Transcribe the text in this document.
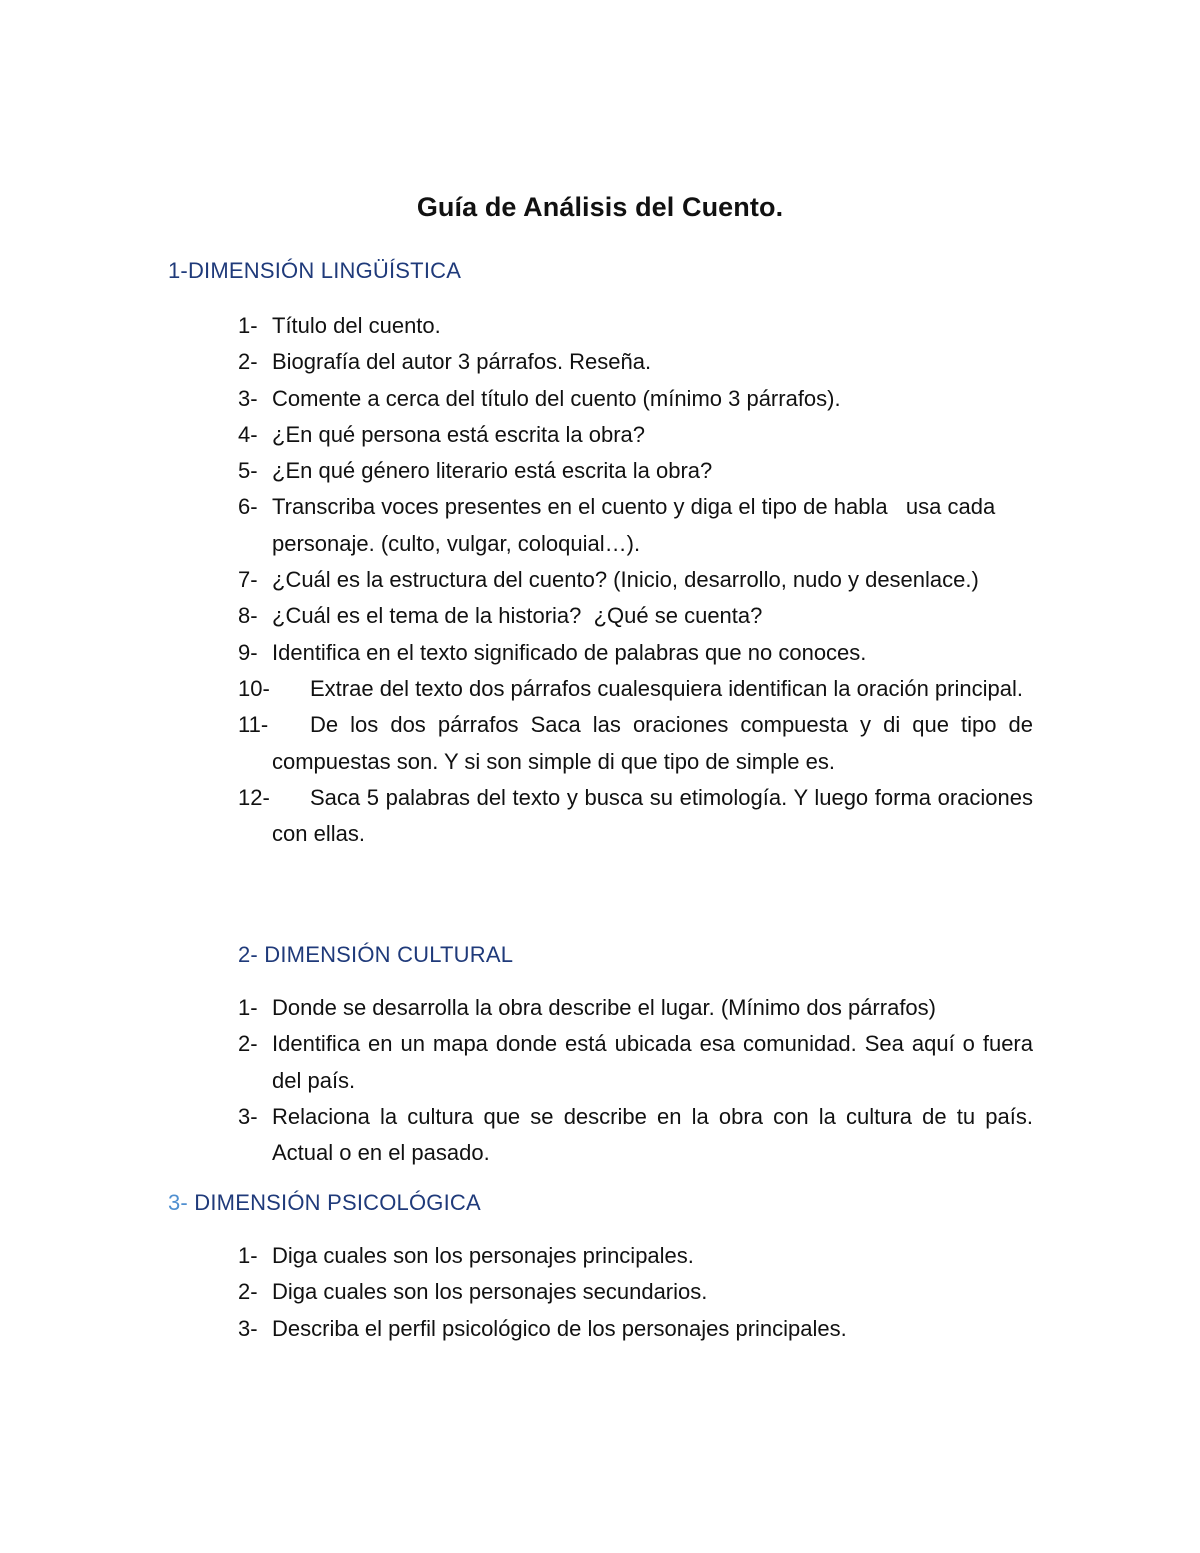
Guía de Análisis del Cuento.
1-DIMENSIÓN LINGÜÍSTICA
1- Título del cuento.
2- Biografía del autor 3 párrafos. Reseña.
3- Comente a cerca del título del cuento (mínimo 3 párrafos).
4- ¿En qué persona está escrita la obra?
5- ¿En qué género literario está escrita la obra?
6- Transcriba voces presentes en el cuento y diga el tipo de habla   usa cada personaje. (culto, vulgar, coloquial…).
7- ¿Cuál es la estructura del cuento? (Inicio, desarrollo, nudo y desenlace.)
8- ¿Cuál es el tema de la historia?  ¿Qué se cuenta?
9- Identifica en el texto significado de palabras que no conoces.
10-	Extrae del texto dos párrafos cualesquiera identifican la oración principal.
11-	De los dos párrafos Saca las oraciones compuesta y di que tipo de compuestas son. Y si son simple di que tipo de simple es.
12-	Saca 5 palabras del texto y busca su etimología. Y luego forma oraciones con ellas.
2- DIMENSIÓN CULTURAL
1- Donde se desarrolla la obra describe el lugar. (Mínimo dos párrafos)
2- Identifica en un mapa donde está ubicada esa comunidad. Sea aquí o fuera del país.
3- Relaciona la cultura que se describe en la obra con la cultura de tu país. Actual o en el pasado.
3- DIMENSIÓN PSICOLÓGICA
1- Diga cuales son los personajes principales.
2- Diga cuales son los personajes secundarios.
3- Describa el perfil psicológico de los personajes principales.
